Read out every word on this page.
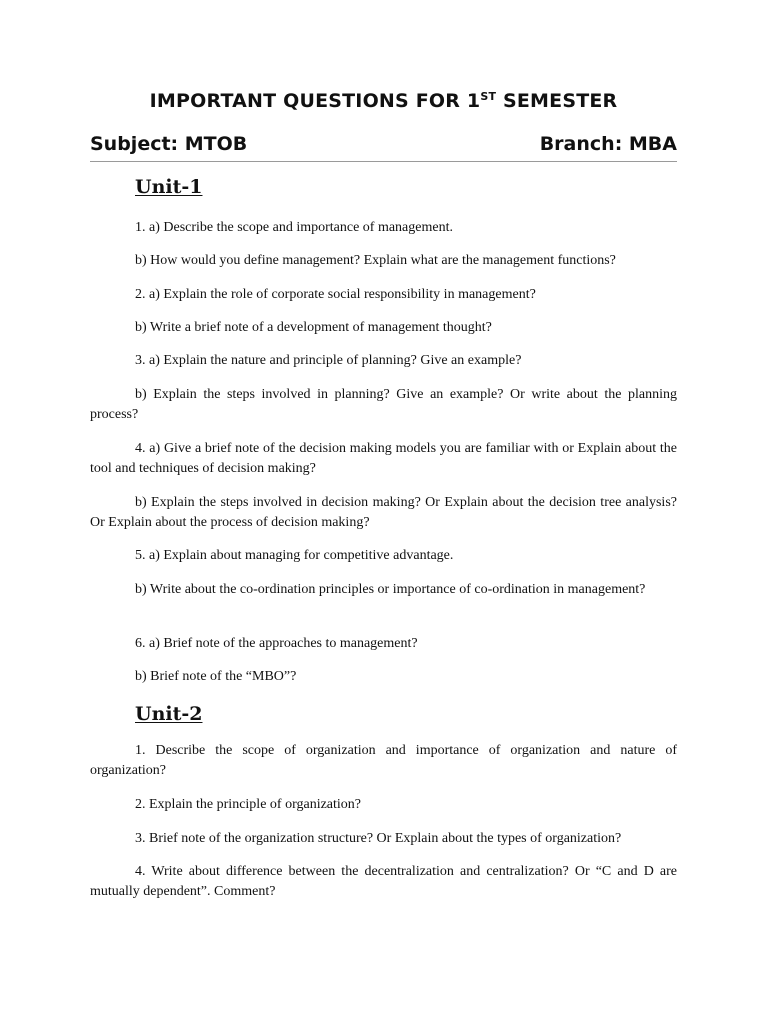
IMPORTANT QUESTIONS FOR 1ST SEMESTER
Subject: MTOB	Branch: MBA
Unit-1
1. a) Describe the scope and importance of management.
b) How would you define management? Explain what are the management functions?
2. a) Explain the role of corporate social responsibility in management?
b) Write a brief note of a development of management thought?
3. a) Explain the nature and principle of planning? Give an example?
b) Explain the steps involved in planning? Give an example? Or write about the planning process?
4. a) Give a brief note of the decision making models you are familiar with or Explain about the tool and techniques of decision making?
b) Explain the steps involved in decision making? Or Explain about the decision tree analysis? Or Explain about the process of decision making?
5. a) Explain about managing for competitive advantage.
b) Write about the co-ordination principles or importance of co-ordination in management?
6. a) Brief note of the approaches to management?
b) Brief note of the “MBO”?
Unit-2
1. Describe the scope of organization and importance of organization and nature of organization?
2. Explain the principle of organization?
3. Brief note of the organization structure? Or Explain about the types of organization?
4. Write about difference between the decentralization and centralization? Or “C and D are mutually dependent”. Comment?
